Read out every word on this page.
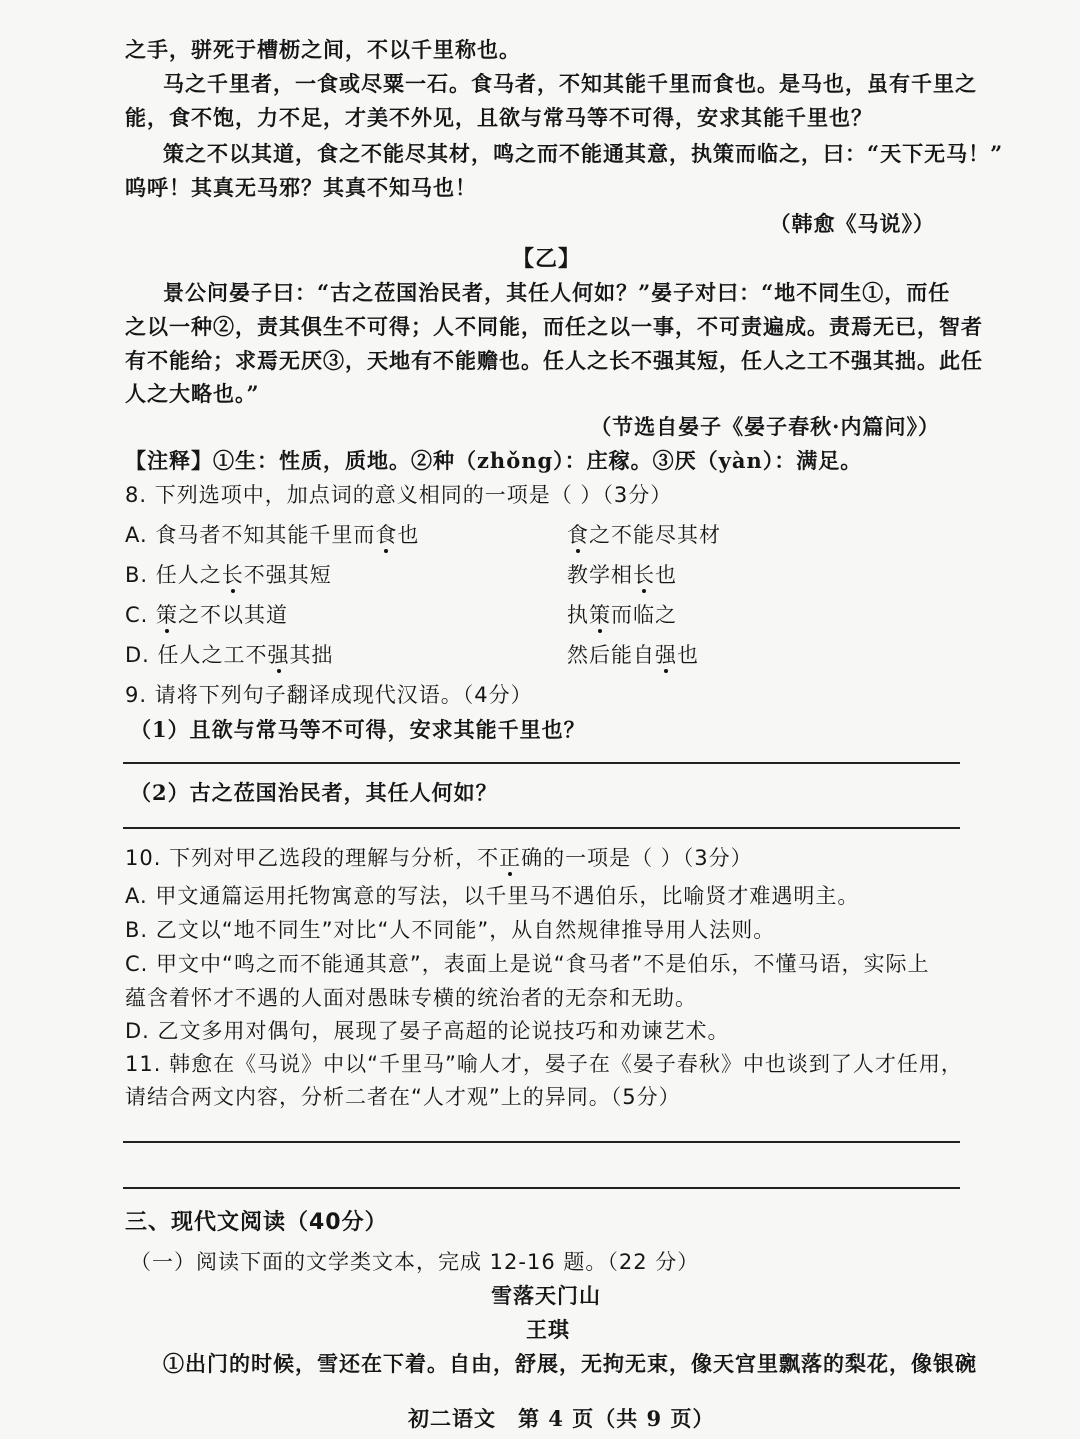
之手，骈死于槽枥之间，不以千里称也。
马之千里者，一食或尽粟一石。食马者，不知其能千里而食也。是马也，虽有千里之
能，食不饱，力不足，才美不外见，且欲与常马等不可得，安求其能千里也？
策之不以其道，食之不能尽其材，鸣之而不能通其意，执策而临之，曰：“天下无马！”
呜呼！其真无马邪？其真不知马也！
（韩愈《马说》）
【乙】
景公问晏子曰：“古之莅国治民者，其任人何如？”晏子对曰：“地不同生①，而任
之以一种②，责其俱生不可得；人不同能，而任之以一事，不可责遍成。责焉无已，智者
有不能给；求焉无厌③，天地有不能赡也。任人之长不强其短，任人之工不强其拙。此任
人之大略也。”
（节选自晏子《晏子春秋·内篇问》）
【注释】①生：性质，质地。②种（zhǒng）：庄稼。③厌（yàn）：满足。
8. 下列选项中，加点词的意义相同的一项是（ ）（3分）
A. 食马者不知其能千里而食也	食之不能尽其材
B. 任人之长不强其短	教学相长也
C. 策之不以其道	执策而临之
D. 任人之工不强其拙	然后能自强也
9. 请将下列句子翻译成现代汉语。（4分）
（1）且欲与常马等不可得，安求其能千里也？
（2）古之莅国治民者，其任人何如？
10. 下列对甲乙选段的理解与分析，不正确的一项是（ ）（3分）
A. 甲文通篇运用托物寓意的写法，以千里马不遇伯乐，比喻贤才难遇明主。
B. 乙文以“地不同生”对比“人不同能”，从自然规律推导用人法则。
C. 甲文中“鸣之而不能通其意”，表面上是说“食马者”不是伯乐，不懂马语，实际上
蕴含着怀才不遇的人面对愚昧专横的统治者的无奈和无助。
D. 乙文多用对偶句，展现了晏子高超的论说技巧和劝谏艺术。
11. 韩愈在《马说》中以“千里马”喻人才，晏子在《晏子春秋》中也谈到了人才任用，
请结合两文内容，分析二者在“人才观”上的异同。（5分）
三、现代文阅读（40分）
（一）阅读下面的文学类文本，完成 12-16 题。（22 分）
雪落天门山
王琪
①出门的时候，雪还在下着。自由，舒展，无拘无束，像天宫里飘落的梨花，像银碗
初二语文　第 4 页（共 9 页）
